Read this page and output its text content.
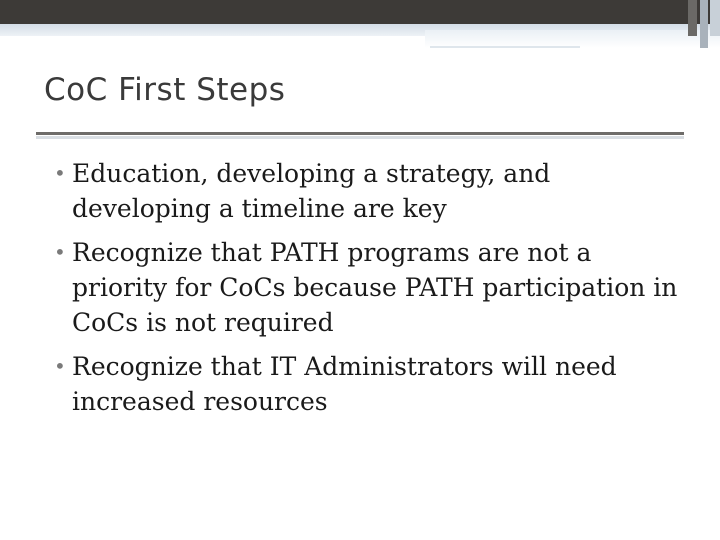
CoC First Steps
• Education, developing a strategy, and developing a timeline are key
• Recognize that PATH programs are not a priority for CoCs because PATH participation in CoCs is not required
• Recognize that IT Administrators will need increased resources
